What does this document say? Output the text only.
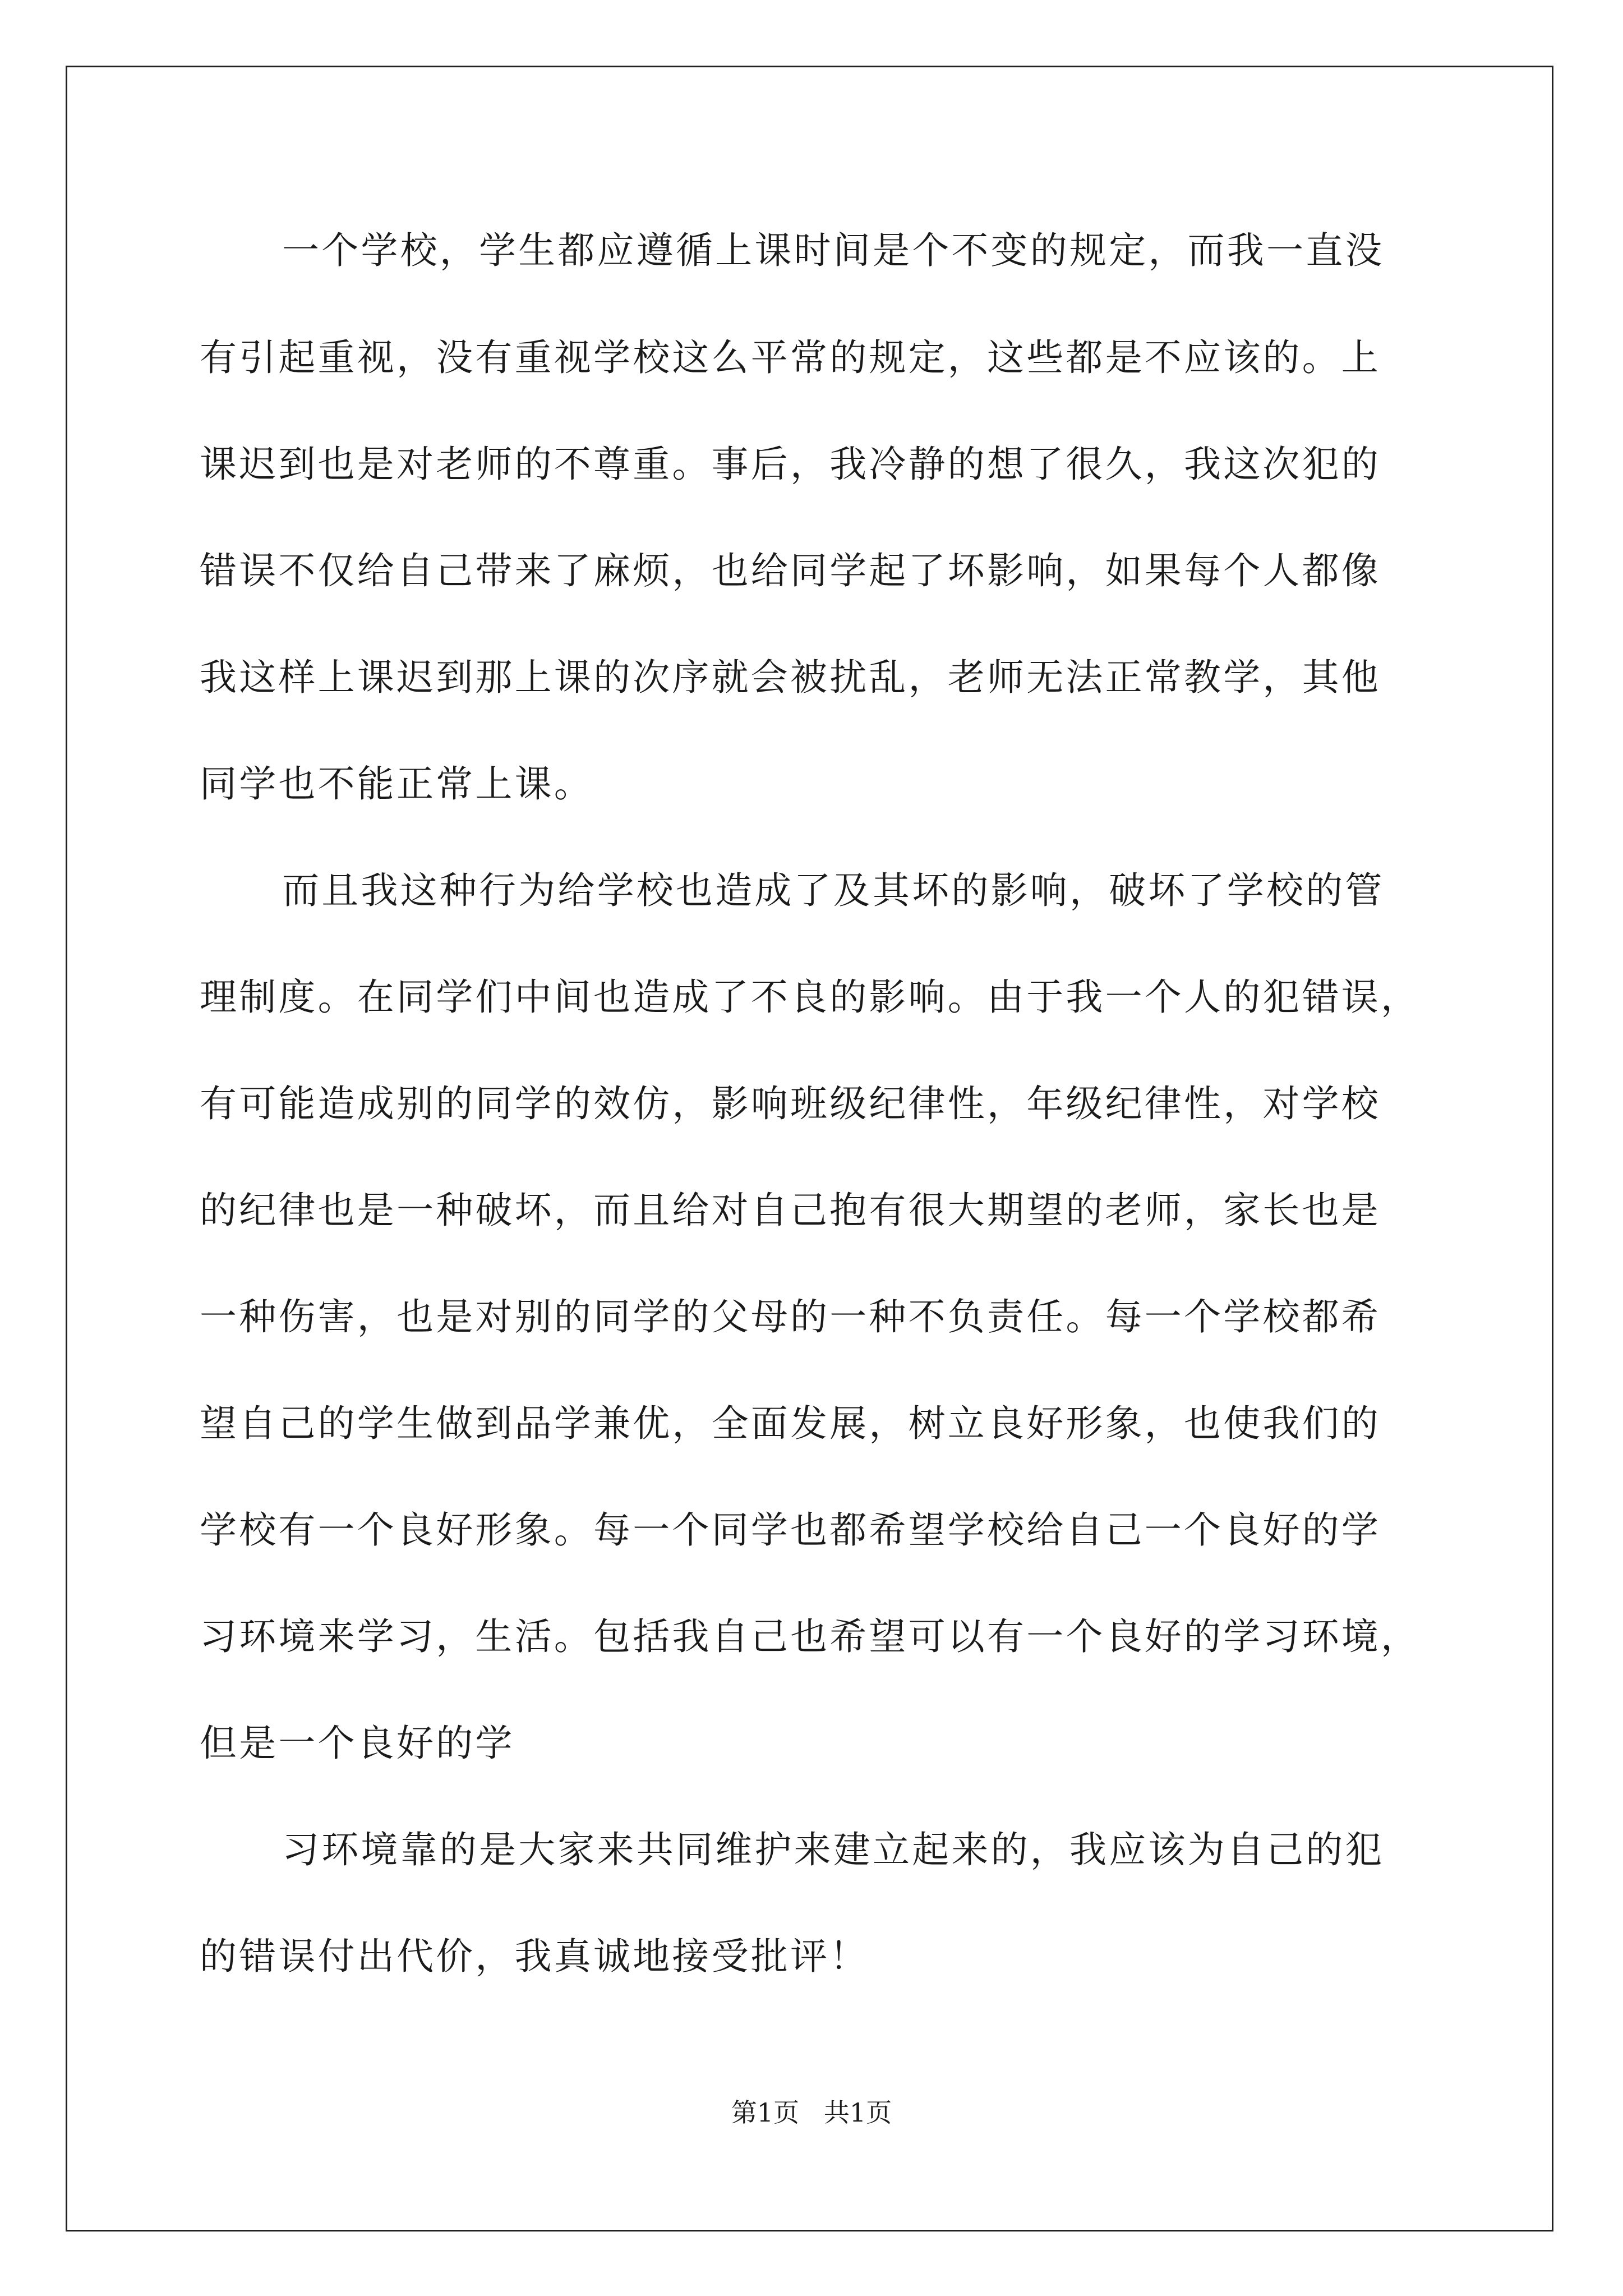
一个学校，学生都应遵循上课时间是个不变的规定，而我一直没

有引起重视，没有重视学校这么平常的规定，这些都是不应该的。上

课迟到也是对老师的不尊重。事后，我冷静的想了很久，我这次犯的

错误不仅给自己带来了麻烦，也给同学起了坏影响，如果每个人都像

我这样上课迟到那上课的次序就会被扰乱，老师无法正常教学，其他

同学也不能正常上课。

而且我这种行为给学校也造成了及其坏的影响，破坏了学校的管

理制度。在同学们中间也造成了不良的影响。由于我一个人的犯错误，

有可能造成别的同学的效仿，影响班级纪律性，年级纪律性，对学校

的纪律也是一种破坏，而且给对自己抱有很大期望的老师，家长也是

一种伤害，也是对别的同学的父母的一种不负责任。每一个学校都希

望自己的学生做到品学兼优，全面发展，树立良好形象，也使我们的

学校有一个良好形象。每一个同学也都希望学校给自己一个良好的学

习环境来学习，生活。包括我自己也希望可以有一个良好的学习环境，

但是一个良好的学

习环境靠的是大家来共同维护来建立起来的，我应该为自己的犯

的错误付出代价，我真诚地接受批评！

第1页   共1页
